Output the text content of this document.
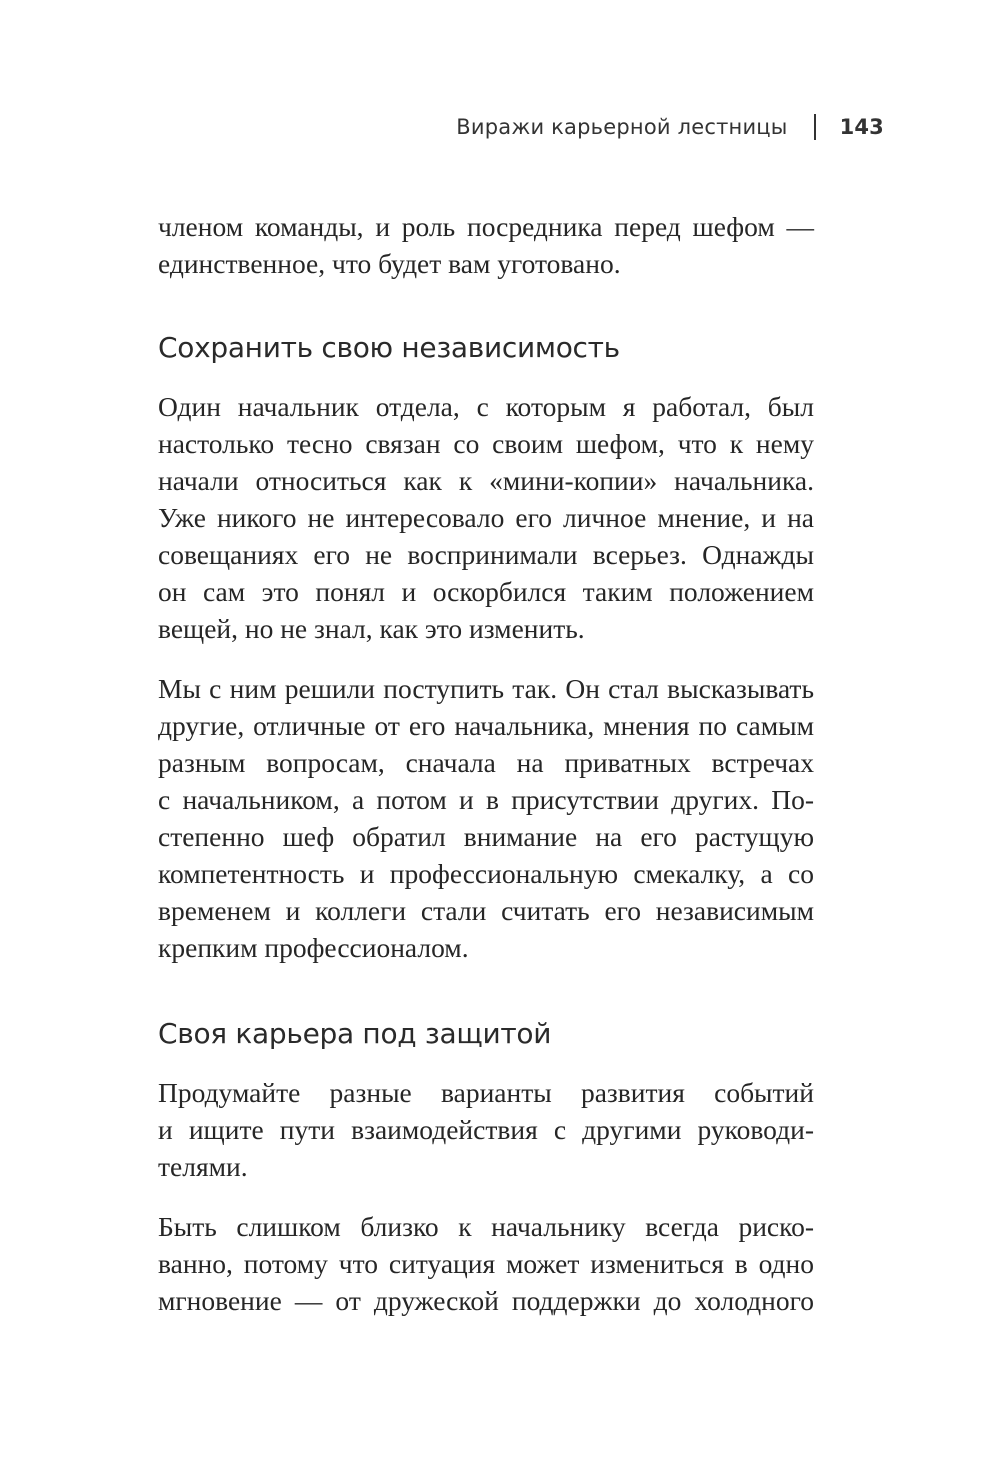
Виражи карьерной лестницы 143
членом команды, и роль посредника перед шефом —
единственное, что будет вам уготовано.
Сохранить свою независимость
Один начальник отдела, с которым я работал, был
настолько тесно связан со своим шефом, что к нему
начали относиться как к «мини-копии» начальника.
Уже никого не интересовало его личное мнение, и на
совещаниях его не воспринимали всерьез. Однажды
он сам это понял и оскорбился таким положением
вещей, но не знал, как это изменить.
Мы с ним решили поступить так. Он стал высказывать
другие, отличные от его начальника, мнения по самым
разным вопросам, сначала на приватных встречах
с начальником, а потом и в присутствии других. По-
степенно шеф обратил внимание на его растущую
компетентность и профессиональную смекалку, а со
временем и коллеги стали считать его независимым
крепким профессионалом.
Своя карьера под защитой
Продумайте разные варианты развития событий
и ищите пути взаимодействия с другими руководи-
телями.
Быть слишком близко к начальнику всегда риско-
ванно, потому что ситуация может измениться в одно
мгновение — от дружеской поддержки до холодного
